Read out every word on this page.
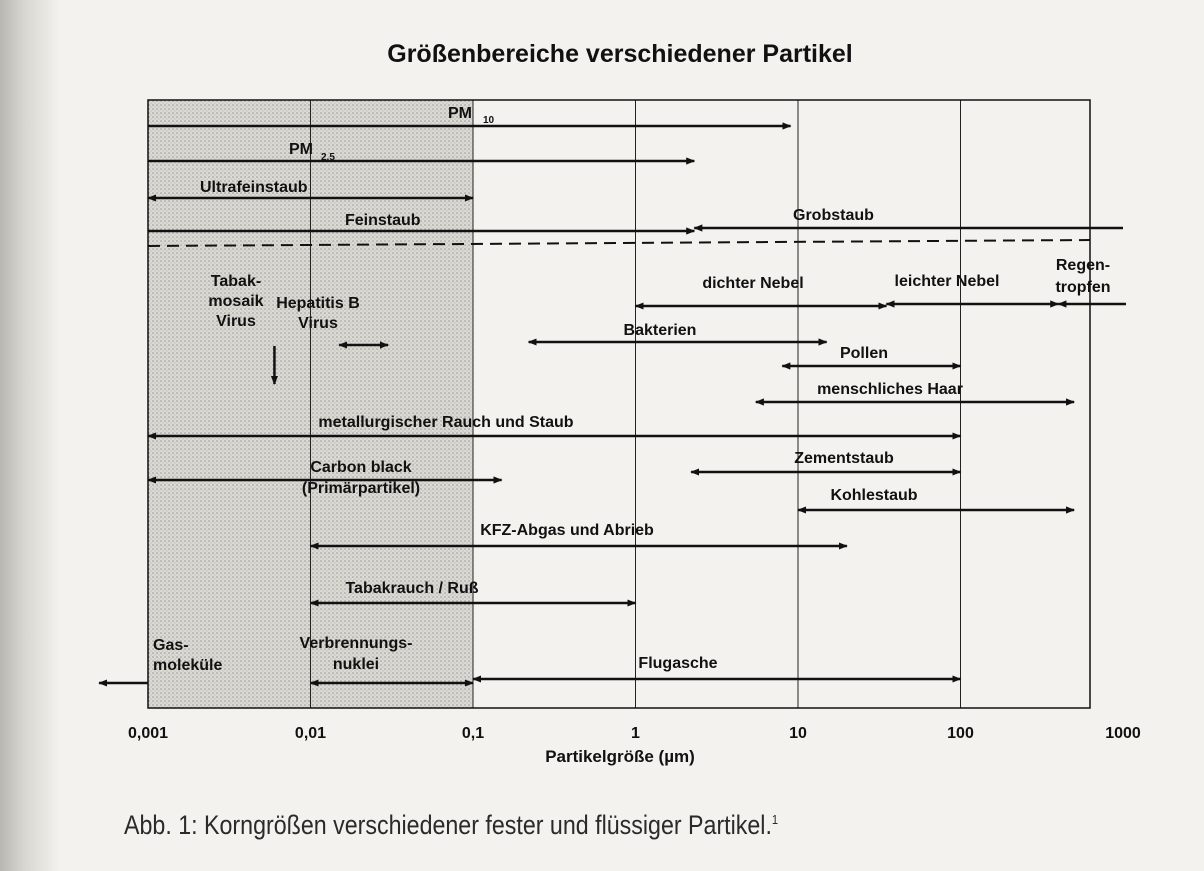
Größenbereiche verschiedener Partikel
PM 10
PM 2,5
Ultrafeinstaub
Feinstaub	Grobstaub
Tabak-
mosaik
Virus
Hepatitis B
Virus
dichter Nebel	leichter Nebel
Regen-
tropfen
Bakterien
Pollen
menschliches Haar
metallurgischer Rauch und Staub
Carbon black
(Primärpartikel)
Zementstaub
Kohlestaub
KFZ-Abgas und Abrieb
Tabakrauch / Ruß
Gas-
moleküle
Verbrennungs-
nuklei	Flugasche
0,001	0,01	0,1	1	10	100	1000
Partikelgröße (µm)
Abb. 1: Korngrößen verschiedener fester und flüssiger Partikel.$^1$
